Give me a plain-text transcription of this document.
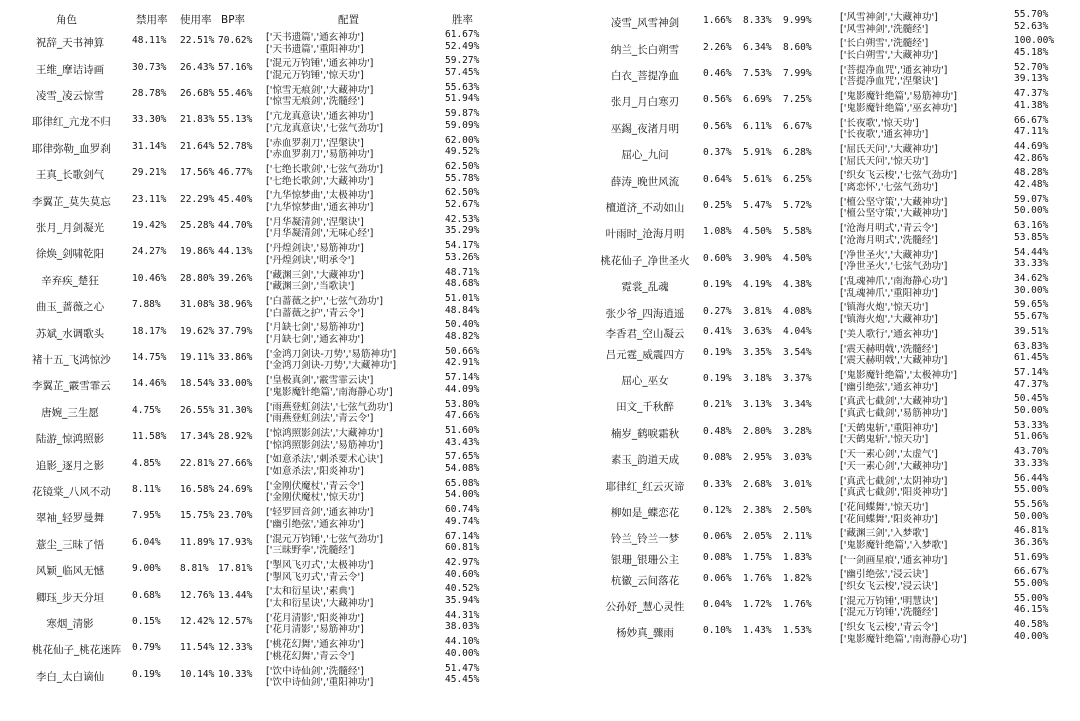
角色	禁用率 使用率 BP率	配置	胜率
祝辞_天书神算	48.11% 22.51% 70.62% ['天书遗篇','通玄神功']	61.67%
['天书遗篇','重阳神功']	52.49%
王维_摩诘诗画	30.73% 26.43% 57.16% ['混元万钧锤','通玄神功']	59.27%
['混元万钧锤','惊天功']	57.45%
凌雪_凌云惊雪	28.78% 26.68% 55.46% ['惊雪无痕剑','大藏神功']	55.63%
['惊雪无痕剑','洗髓经']	51.94%
耶律红_亢龙不归 33.30% 21.83% 55.13% ['亢龙真意诀','通玄神功']	59.87%
['亢龙真意诀','七弦气劲功']	59.09%
耶律弥勒_血罗刹 31.14% 21.64% 52.78% ['赤血罗刹刀','涅槃诀']	62.00%
['赤血罗刹刀','易筋神功']	49.52%
王真_长歌剑气	29.21% 17.56% 46.77% ['七绝长歌剑','七弦气劲功']	62.50%
['七绝长歌剑','大藏神功']	55.78%
李翼芷_莫失莫忘 23.11% 22.29% 45.40% ['九华惊梦曲','太极神功']	62.50%
['九华惊梦曲','通玄神功']	52.67%
张月_月剑凝光	19.42% 25.28% 44.70% ['月华凝清剑','涅槃诀']	42.53%
['月华凝清剑','无味心经']	35.29%
徐焕_剑啸乾阳	24.27% 19.86% 44.13% ['丹煌剑诀','易筋神功']	54.17%
['丹煌剑诀','明承令']	53.26%
辛弃疾_楚狂	10.46% 28.80% 39.26% ['藏渊三剑','大藏神功']	48.71%
['藏渊三剑','当歌诀']	48.68%
曲玉_蔷薇之心	7.88% 31.08% 38.96% ['白蔷薇之护','七弦气劲功']	51.01%
['白蔷薇之护','青云令']	48.84%
苏斌_水调歌头	18.17% 19.62% 37.79% ['月缺七剑','易筋神功']	50.40%
['月缺七剑','通玄神功']	48.82%
褚十五_飞鸿惊沙 14.75% 19.11% 33.86% ['金鸿刀剑诀-刀势','易筋神功']	50.66%
['金鸿刀剑诀-刀势','大藏神功']	42.91%
李翼芷_霰雪霏云 14.46% 18.54% 33.00% ['皇极真剑','霰雪霏云诀']	57.14%
['鬼影魔针绝篇','南海静心功']	44.09%
唐婉_三生愿	4.75% 26.55% 31.30% ['雨燕登虹剑法','七弦气劲功']	53.80%
['雨燕登虹剑法','青云令']	47.66%
陆游_惊鸿照影	11.58% 17.34% 28.92% ['惊鸿照影剑法','大藏神功']	51.60%
['惊鸿照影剑法','易筋神功']	43.43%
追影_逐月之影	4.85% 22.81% 27.66% ['如意杀法','刺杀要术心诀']	57.65%
['如意杀法','阳炎神功']	54.08%
花镜棠_八风不动 8.11% 16.58% 24.69% ['金刚伏魔杖','青云令']	65.08%
['金刚伏魔杖','惊天功']	54.00%
翠袖_轻罗曼舞	7.95% 15.75% 23.70% ['轻罗回音剑','通玄神功']	60.74%
['幽引绝弦','通玄神功']	49.74%
薏尘_三昧了悟	6.04% 11.89% 17.93% ['混元万钧锤','七弦气劲功']	67.14%
['三昧野拳','洗髓经']	60.81%
风颖_临风无憾	9.00% 8.81% 17.81% ['掣风飞刃式','太极神功']	42.97%
['掣风飞刃式','青云令']	40.60%
卿珏_步天分垣	0.68% 12.76% 13.44% ['太和衍星诀','素典']	40.52%
['太和衍星诀','大藏神功']	35.94%
寒烟_清影	0.15% 12.42% 12.57% ['花月清影','阳炎神功']	44.31%
['花月清影','易筋神功']	38.03%
桃花仙子_桃花迷阵 0.79% 11.54% 12.33% ['桃花幻舞','通玄神功']	44.10%
['桃花幻舞','青云令']	40.00%
李白_太白谪仙	0.19% 10.14% 10.33% ['饮中诗仙剑','洗髓经']	51.47%
['饮中诗仙剑','重阳神功']	45.45%
凌雪_风雪神剑	1.66% 8.33% 9.99%	['风雪神剑','大藏神功']	55.70%
['风雪神剑','洗髓经']	52.63%
纳兰_长白朔雪	2.26% 6.34% 8.60%	['长白朔雪','洗髓经']	100.00%
['长白朔雪','大藏神功']	45.18%
白衣_菩提净血	0.46% 7.53% 7.99%	['菩提净血咒','通玄神功']	52.70%
['菩提净血咒','涅槃诀']	39.13%
张月_月白寒刃	0.56% 6.69% 7.25%	['鬼影魔针绝篇','易筋神功']	47.37%
['鬼影魔针绝篇','巫玄神功']	41.38%
巫錫_夜渚月明	0.56% 6.11% 6.67%	['长夜歌','惊天功']	66.67%
['长夜歌','通玄神功']	47.11%
屈心_九问	0.37% 5.91% 6.28%	['屈氏天问','大藏神功']	44.69%
['屈氏天问','惊天功']	42.86%
薛涛_晚世风流	0.64% 5.61% 6.25%	['织女飞云梭','七弦气劲功']	48.28%
['离恋怀','七弦气劲功']	42.48%
檀道济_不动如山	0.25% 5.47% 5.72%	['檀公坚守策','大藏神功']	59.07%
['檀公坚守策','大藏神功']	50.00%
叶雨时_沧海月明	1.08% 4.50% 5.58%	['沧海月明式','青云令']	63.16%
['沧海月明式','洗髓经']	53.85%
桃花仙子_净世圣火 0.60% 3.90% 4.50%	['净世圣火','大藏神功']	54.44%
['净世圣火','七弦气劲功']	33.33%
霓裳_乱魂	0.19% 4.19% 4.38%	['乱魂神爪','南海静心功']	34.62%
['乱魂神爪','重阳神功']	30.00%
张少爷_四海逍遥	0.27% 3.81% 4.08%	['镇海火炮','惊天功']	59.65%
['镇海火炮','大藏神功']	55.67%
李香君_空山凝云	0.41% 3.63% 4.04%	['美人歌行','通玄神功']	39.51%
吕元霆_威震四方	0.19% 3.35% 3.54%	['震天赫明戟','洗髓经']	63.83%
['震天赫明戟','大藏神功']	61.45%
屈心_巫女	0.19% 3.18% 3.37%	['鬼影魔针绝篇','太极神功']	57.14%
['幽引绝弦','通玄神功']	47.37%
田文_千秋醉	0.21% 3.13% 3.34%	['真武七截剑','大藏神功']	50.45%
['真武七截剑','易筋神功']	50.00%
楠岁_鹤唳霜秋	0.48% 2.80% 3.28%	['天鹤鬼斩','重阳神功']	53.33%
['天鹤鬼斩','惊天功']	51.06%
素玉_韵道天成	0.08% 2.95% 3.03%	['天一素心剑','太虚气']	43.70%
['天一素心剑','大藏神功']	33.33%
耶律红_红云灭谛	0.33% 2.68% 3.01%	['真武七截剑','太阴神功']	56.44%
['真武七截剑','阳炎神功']	55.00%
柳如是_蝶恋花	0.12% 2.38% 2.50%	['花间蝶舞','惊天功']	55.56%
['花间蝶舞','阳炎神功']	50.00%
铃兰_铃兰一梦	0.06% 2.05% 2.11%	['藏渊三剑','入梦歌']	46.81%
['鬼影魔针绝篇','入梦歌']	36.36%
银珊_银珊公主	0.08% 1.75% 1.83%	['一剑画星痕','通玄神功']	51.69%
杭徽_云间落花	0.06% 1.76% 1.82%	['幽引绝弦','浸云诀']	66.67%
['织女飞云梭','浸云诀']	55.00%
公孙妤_慧心灵性	0.04% 1.72% 1.76%	['混元万钧锤','明慧诀']	55.00%
['混元万钧锤','洗髓经']	46.15%
杨妙真_骤雨	0.10% 1.43% 1.53%	['织女飞云梭','青云令']	40.58%
['鬼影魔针绝篇','南海静心功']	40.00%
